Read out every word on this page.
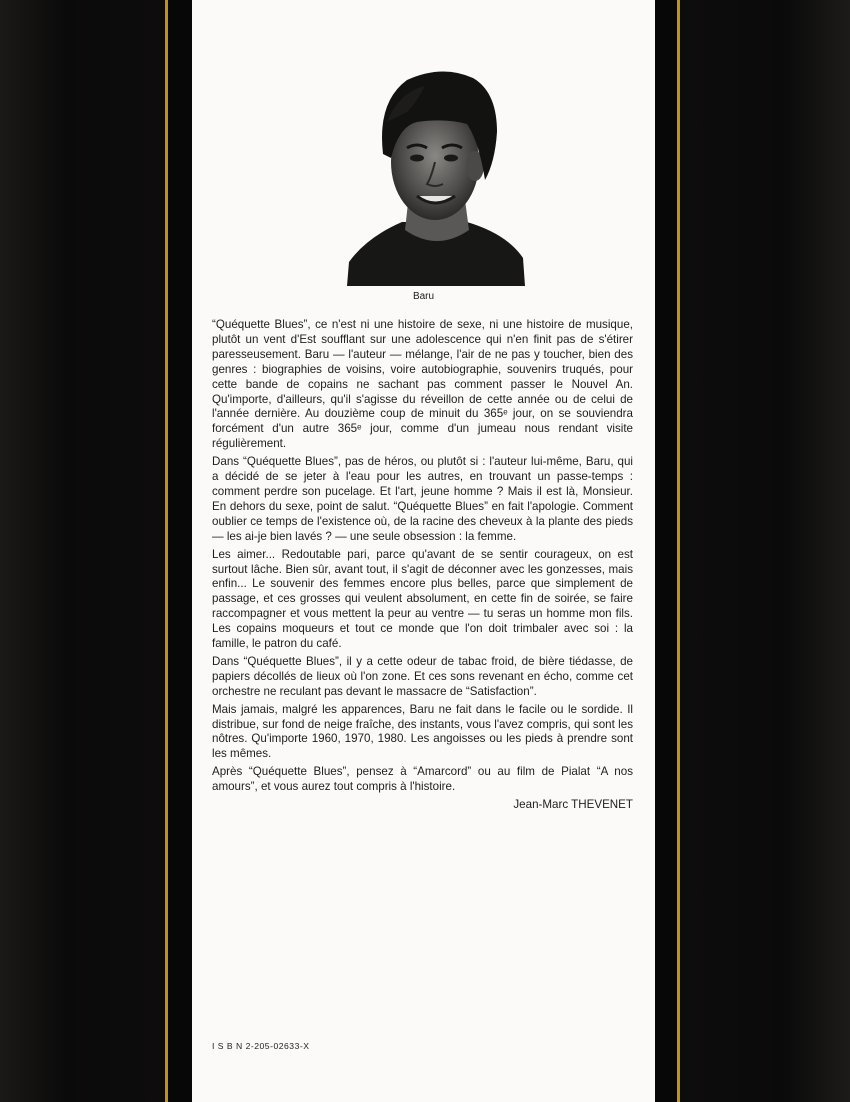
Baru

“Quéquette Blues”, ce n'est ni une histoire de sexe, ni une histoire de musique, plutôt un vent d'Est soufflant sur une adolescence qui n'en finit pas de s'étirer paresseusement. Baru — l'auteur — mélange, l'air de ne pas y toucher, bien des genres : biographies de voisins, voire autobiographie, souvenirs truqués, pour cette bande de copains ne sachant pas comment passer le Nouvel An. Qu'importe, d'ailleurs, qu'il s'agisse du réveillon de cette année ou de celui de l'année dernière. Au douzième coup de minuit du 365ᵉ jour, on se souviendra forcément d'un autre 365ᵉ jour, comme d'un jumeau nous rendant visite régulièrement.

Dans “Quéquette Blues”, pas de héros, ou plutôt si : l'auteur lui-même, Baru, qui a décidé de se jeter à l'eau pour les autres, en trouvant un passe-temps : comment perdre son pucelage. Et l'art, jeune homme ? Mais il est là, Monsieur. En dehors du sexe, point de salut. “Quéquette Blues” en fait l'apologie. Comment oublier ce temps de l'existence où, de la racine des cheveux à la plante des pieds — les ai-je bien lavés ? — une seule obsession : la femme.

Les aimer... Redoutable pari, parce qu'avant de se sentir courageux, on est surtout lâche. Bien sûr, avant tout, il s'agit de déconner avec les gonzesses, mais enfin... Le souvenir des femmes encore plus belles, parce que simplement de passage, et ces grosses qui veulent absolument, en cette fin de soirée, se faire raccompagner et vous mettent la peur au ventre — tu seras un homme mon fils. Les copains moqueurs et tout ce monde que l'on doit trimbaler avec soi : la famille, le patron du café.

Dans “Quéquette Blues”, il y a cette odeur de tabac froid, de bière tiédasse, de papiers décollés de lieux où l'on zone. Et ces sons revenant en écho, comme cet orchestre ne reculant pas devant le massacre de “Satisfaction”.

Mais jamais, malgré les apparences, Baru ne fait dans le facile ou le sordide. Il distribue, sur fond de neige fraîche, des instants, vous l'avez compris, qui sont les nôtres. Qu'importe 1960, 1970, 1980. Les angoisses ou les pieds à prendre sont les mêmes.

Après “Quéquette Blues”, pensez à “Amarcord” ou au film de Pialat “A nos amours”, et vous aurez tout compris à l'histoire.

Jean-Marc THEVENET
I S B N 2-205-02633-X
